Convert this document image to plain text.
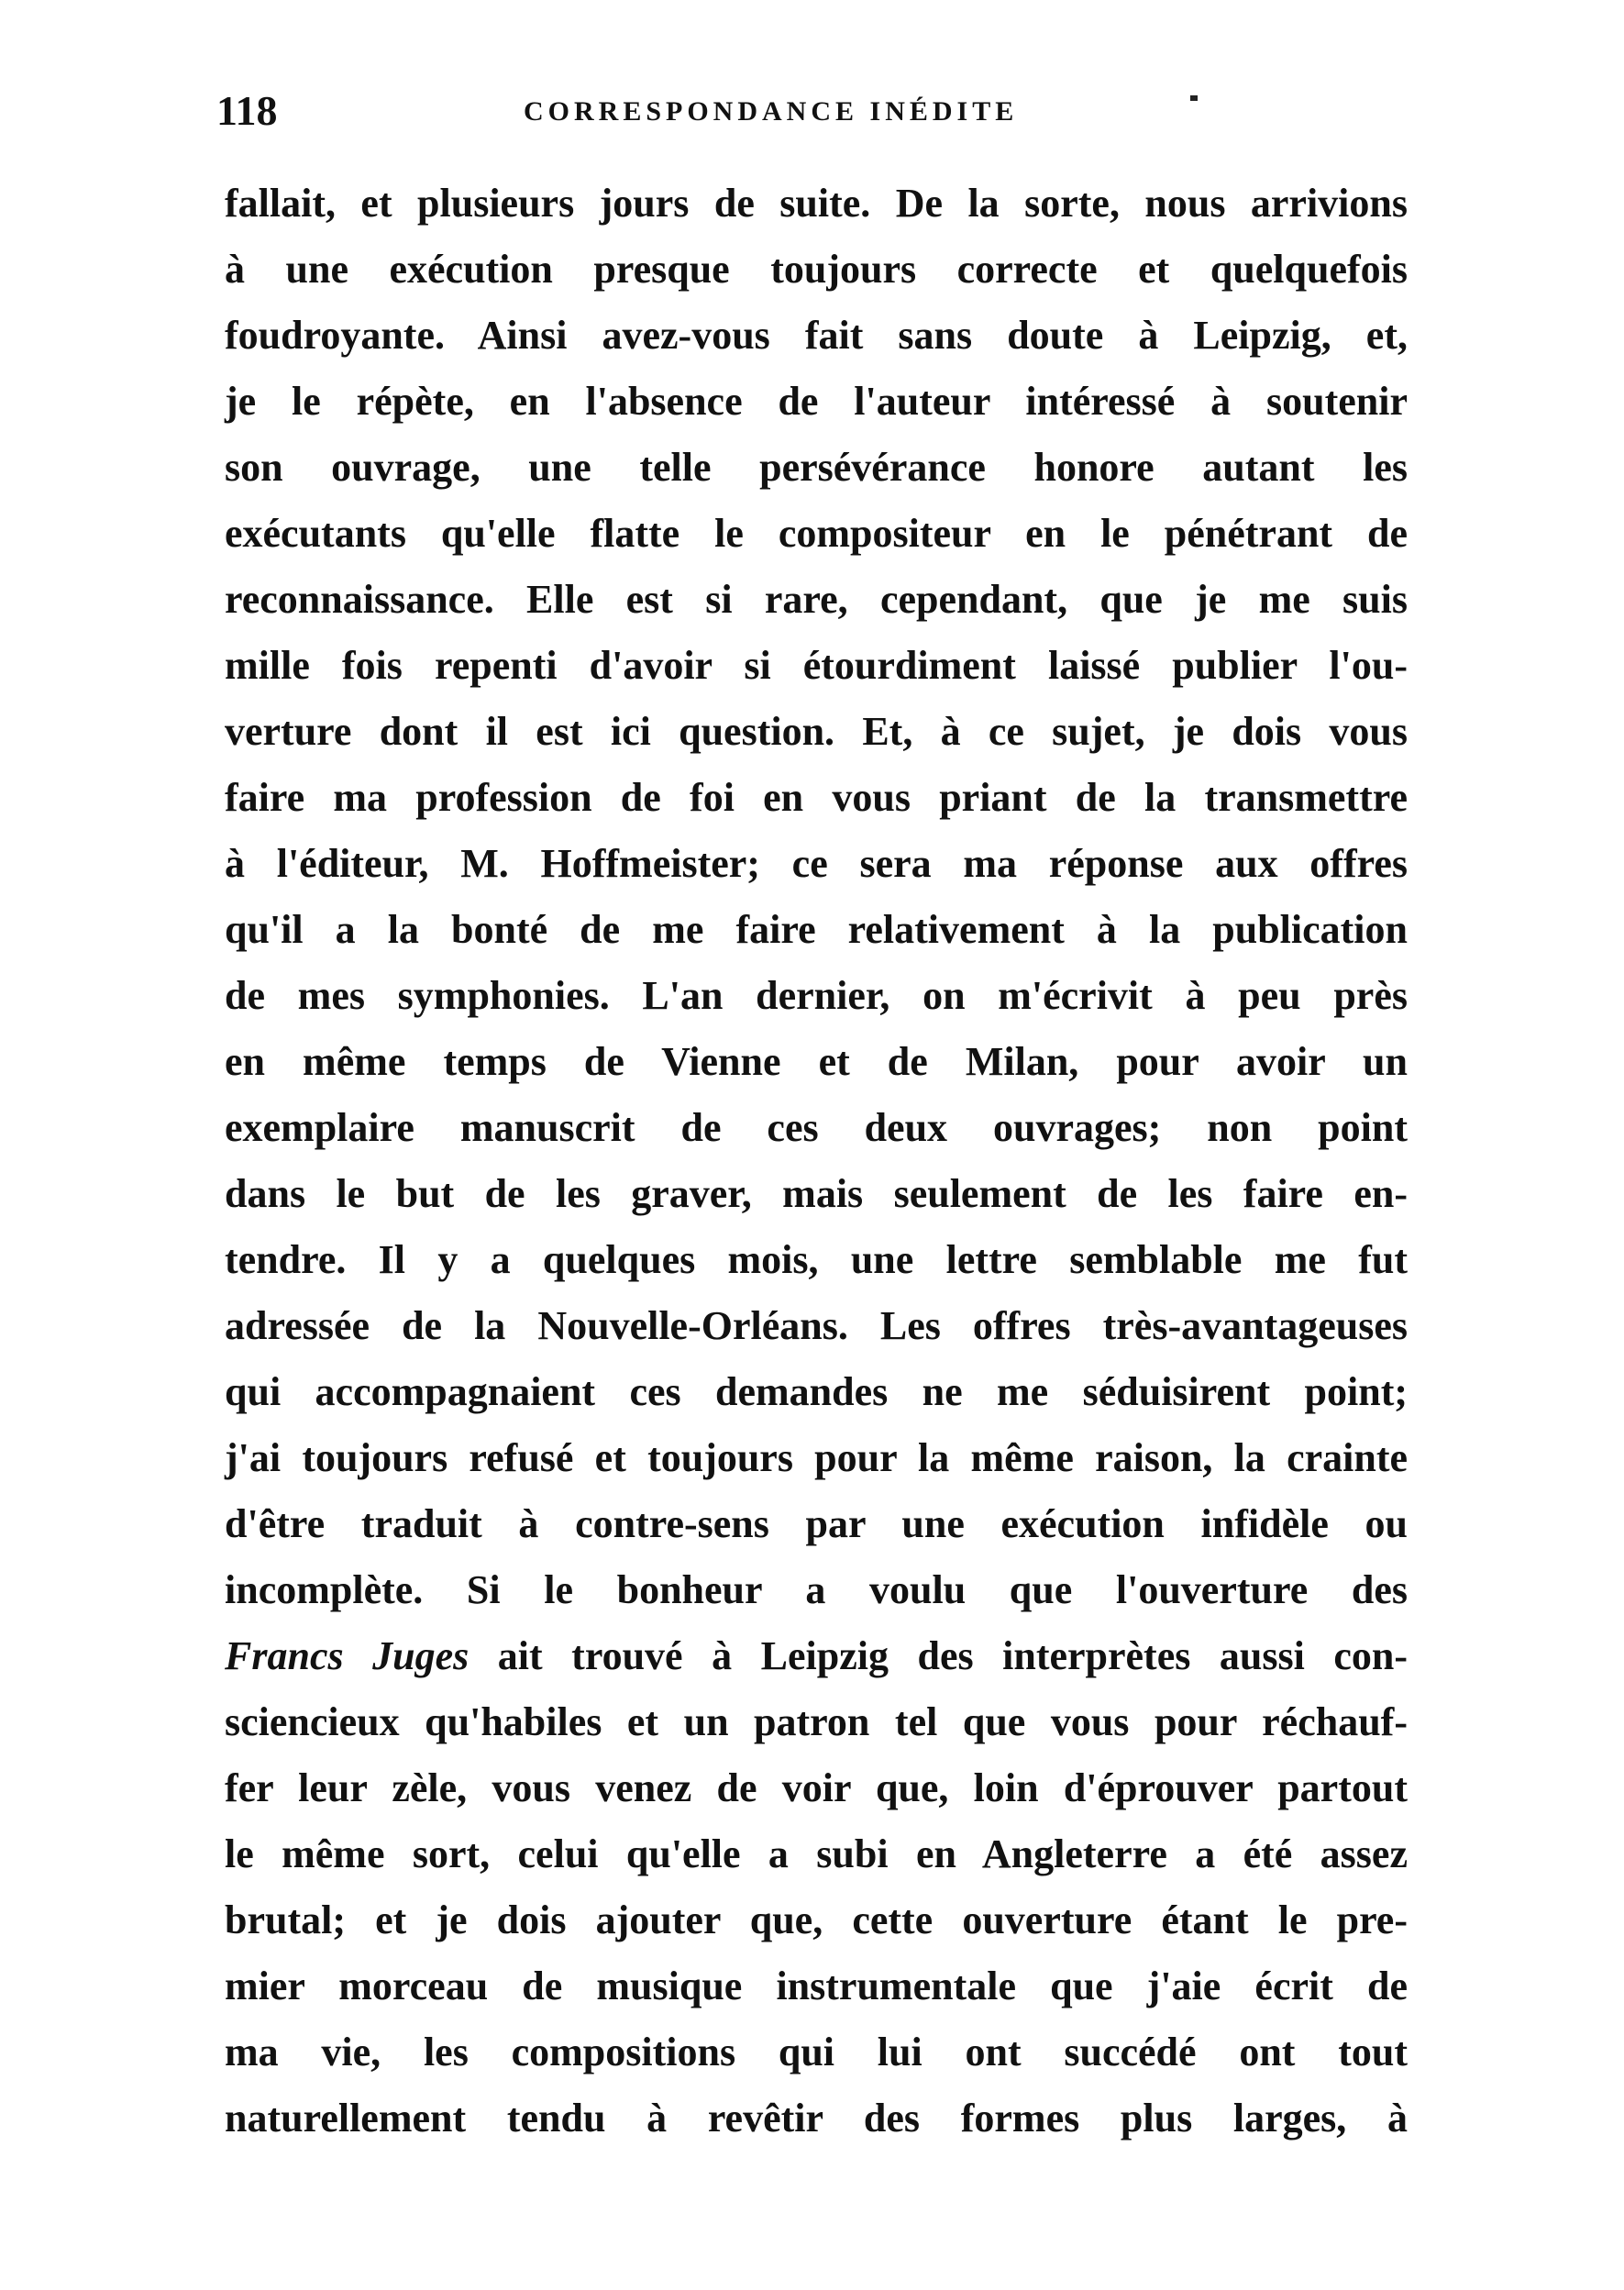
118	CORRESPONDANCE INÉDITE
fallait, et plusieurs jours de suite. De la sorte, nous arrivions
à une exécution presque toujours correcte et quelquefois
foudroyante. Ainsi avez-vous fait sans doute à Leipzig, et,
je le répète, en l'absence de l'auteur intéressé à soutenir
son ouvrage, une telle persévérance honore autant les
exécutants qu'elle flatte le compositeur en le pénétrant de
reconnaissance. Elle est si rare, cependant, que je me suis
mille fois repenti d'avoir si étourdiment laissé publier l'ou-
verture dont il est ici question. Et, à ce sujet, je dois vous
faire ma profession de foi en vous priant de la transmettre
à l'éditeur, M. Hoffmeister; ce sera ma réponse aux offres
qu'il a la bonté de me faire relativement à la publication
de mes symphonies. L'an dernier, on m'écrivit à peu près
en même temps de Vienne et de Milan, pour avoir un
exemplaire manuscrit de ces deux ouvrages; non point
dans le but de les graver, mais seulement de les faire en-
tendre. Il y a quelques mois, une lettre semblable me fut
adressée de la Nouvelle-Orléans. Les offres très-avantageuses
qui accompagnaient ces demandes ne me séduisirent point;
j'ai toujours refusé et toujours pour la même raison, la crainte
d'être traduit à contre-sens par une exécution infidèle ou
incomplète. Si le bonheur a voulu que l'ouverture des
Francs Juges ait trouvé à Leipzig des interprètes aussi con-
sciencieux qu'habiles et un patron tel que vous pour réchauf-
fer leur zèle, vous venez de voir que, loin d'éprouver partout
le même sort, celui qu'elle a subi en Angleterre a été assez
brutal; et je dois ajouter que, cette ouverture étant le pre-
mier morceau de musique instrumentale que j'aie écrit de
ma vie, les compositions qui lui ont succédé ont tout
naturellement tendu à revêtir des formes plus larges, à
